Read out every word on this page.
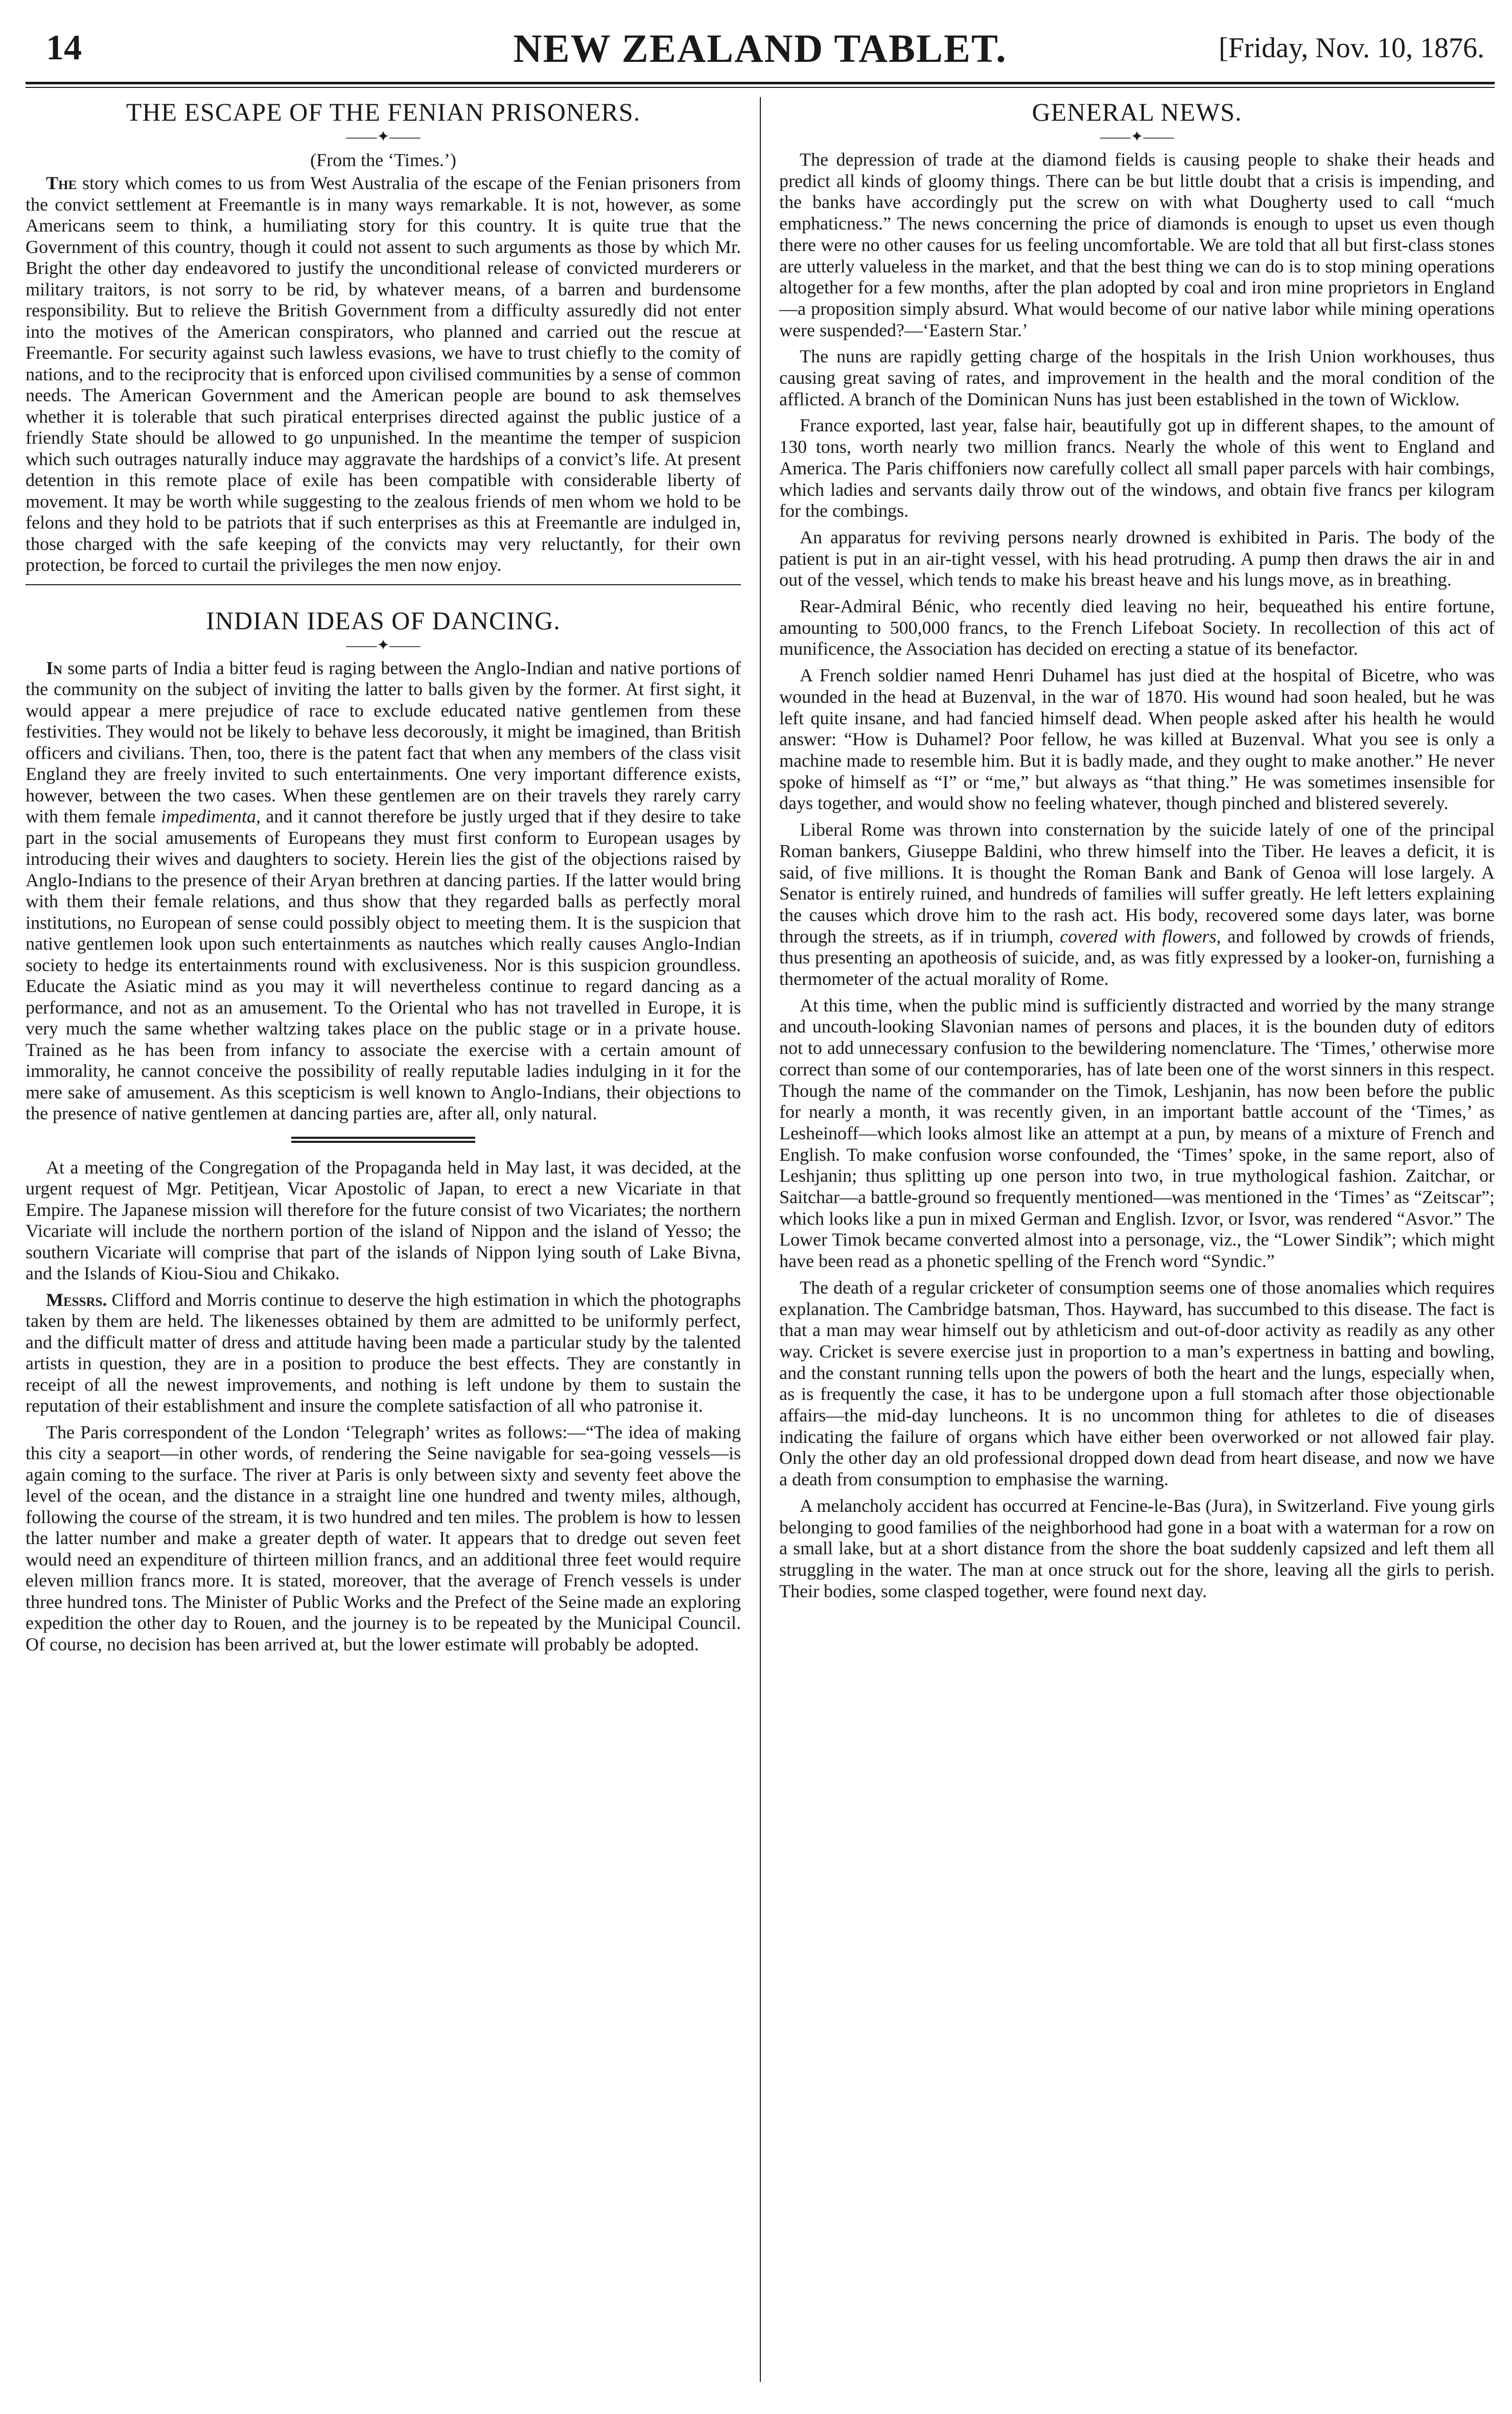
14	NEW ZEALAND TABLET.	[Friday, Nov. 10, 1876.
THE ESCAPE OF THE FENIAN PRISONERS.
——✦——
(From the ‘Times.’)

The story which comes to us from West Australia of the escape of the Fenian prisoners from the convict settlement at Freemantle is in many ways remarkable. It is not, however, as some Americans seem to think, a humiliating story for this country. It is quite true that the Government of this country, though it could not assent to such arguments as those by which Mr. Bright the other day endeavored to justify the unconditional release of convicted murderers or military traitors, is not sorry to be rid, by whatever means, of a barren and burdensome responsibility. But to relieve the British Government from a difficulty assuredly did not enter into the motives of the American conspirators, who planned and carried out the rescue at Freemantle. For security against such lawless evasions, we have to trust chiefly to the comity of nations, and to the reciprocity that is enforced upon civilised communities by a sense of common needs. The American Government and the American people are bound to ask themselves whether it is tolerable that such piratical enterprises directed against the public justice of a friendly State should be allowed to go unpunished. In the meantime the temper of suspicion which such outrages naturally induce may aggravate the hardships of a convict’s life. At present detention in this remote place of exile has been compatible with considerable liberty of movement. It may be worth while suggesting to the zealous friends of men whom we hold to be felons and they hold to be patriots that if such enterprises as this at Freemantle are indulged in, those charged with the safe keeping of the convicts may very reluctantly, for their own protection, be forced to curtail the privileges the men now enjoy.

INDIAN IDEAS OF DANCING.
——✦——

In some parts of India a bitter feud is raging between the Anglo-Indian and native portions of the community on the subject of inviting the latter to balls given by the former. At first sight, it would appear a mere prejudice of race to exclude educated native gentlemen from these festivities. They would not be likely to behave less decorously, it might be imagined, than British officers and civilians. Then, too, there is the patent fact that when any members of the class visit England they are freely invited to such entertainments. One very important difference exists, however, between the two cases. When these gentlemen are on their travels they rarely carry with them female impedimenta, and it cannot therefore be justly urged that if they desire to take part in the social amusements of Europeans they must first conform to European usages by introducing their wives and daughters to society. Herein lies the gist of the objections raised by Anglo-Indians to the presence of their Aryan brethren at dancing parties. If the latter would bring with them their female relations, and thus show that they regarded balls as perfectly moral institutions, no European of sense could possibly object to meeting them. It is the suspicion that native gentlemen look upon such entertainments as nautches which really causes Anglo-Indian society to hedge its entertainments round with exclusiveness. Nor is this suspicion groundless. Educate the Asiatic mind as you may it will nevertheless continue to regard dancing as a performance, and not as an amusement. To the Oriental who has not travelled in Europe, it is very much the same whether waltzing takes place on the public stage or in a private house. Trained as he has been from infancy to associate the exercise with a certain amount of immorality, he cannot conceive the possibility of really reputable ladies indulging in it for the mere sake of amusement. As this scepticism is well known to Anglo-Indians, their objections to the presence of native gentlemen at dancing parties are, after all, only natural.

At a meeting of the Congregation of the Propaganda held in May last, it was decided, at the urgent request of Mgr. Petitjean, Vicar Apostolic of Japan, to erect a new Vicariate in that Empire. The Japanese mission will therefore for the future consist of two Vicariates; the northern Vicariate will include the northern portion of the island of Nippon and the island of Yesso; the southern Vicariate will comprise that part of the islands of Nippon lying south of Lake Bivna, and the Islands of Kiou-Siou and Chikako.

Messrs. Clifford and Morris continue to deserve the high estimation in which the photographs taken by them are held. The likenesses obtained by them are admitted to be uniformly perfect, and the difficult matter of dress and attitude having been made a particular study by the talented artists in question, they are in a position to produce the best effects. They are constantly in receipt of all the newest improvements, and nothing is left undone by them to sustain the reputation of their establishment and insure the complete satisfaction of all who patronise it.

The Paris correspondent of the London ‘Telegraph’ writes as follows:—“The idea of making this city a seaport—in other words, of rendering the Seine navigable for sea-going vessels—is again coming to the surface. The river at Paris is only between sixty and seventy feet above the level of the ocean, and the distance in a straight line one hundred and twenty miles, although, following the course of the stream, it is two hundred and ten miles. The problem is how to lessen the latter number and make a greater depth of water. It appears that to dredge out seven feet would need an expenditure of thirteen million francs, and an additional three feet would require eleven million francs more. It is stated, moreover, that the average of French vessels is under three hundred tons. The Minister of Public Works and the Prefect of the Seine made an exploring expedition the other day to Rouen, and the journey is to be repeated by the Municipal Council. Of course, no decision has been arrived at, but the lower estimate will probably be adopted.

GENERAL NEWS.
——✦——

The depression of trade at the diamond fields is causing people to shake their heads and predict all kinds of gloomy things. There can be but little doubt that a crisis is impending, and the banks have accordingly put the screw on with what Dougherty used to call “much emphaticness.” The news concerning the price of diamonds is enough to upset us even though there were no other causes for us feeling uncomfortable. We are told that all but first-class stones are utterly valueless in the market, and that the best thing we can do is to stop mining operations altogether for a few months, after the plan adopted by coal and iron mine proprietors in England—a proposition simply absurd. What would become of our native labor while mining operations were suspended?—‘Eastern Star.’

The nuns are rapidly getting charge of the hospitals in the Irish Union workhouses, thus causing great saving of rates, and improvement in the health and the moral condition of the afflicted. A branch of the Dominican Nuns has just been established in the town of Wicklow.

France exported, last year, false hair, beautifully got up in different shapes, to the amount of 130 tons, worth nearly two million francs. Nearly the whole of this went to England and America. The Paris chiffoniers now carefully collect all small paper parcels with hair combings, which ladies and servants daily throw out of the windows, and obtain five francs per kilogram for the combings.

An apparatus for reviving persons nearly drowned is exhibited in Paris. The body of the patient is put in an air-tight vessel, with his head protruding. A pump then draws the air in and out of the vessel, which tends to make his breast heave and his lungs move, as in breathing.

Rear-Admiral Bénic, who recently died leaving no heir, bequeathed his entire fortune, amounting to 500,000 francs, to the French Lifeboat Society. In recollection of this act of munificence, the Association has decided on erecting a statue of its benefactor.

A French soldier named Henri Duhamel has just died at the hospital of Bicetre, who was wounded in the head at Buzenval, in the war of 1870. His wound had soon healed, but he was left quite insane, and had fancied himself dead. When people asked after his health he would answer: “How is Duhamel? Poor fellow, he was killed at Buzenval. What you see is only a machine made to resemble him. But it is badly made, and they ought to make another.” He never spoke of himself as “I” or “me,” but always as “that thing.” He was sometimes insensible for days together, and would show no feeling whatever, though pinched and blistered severely.

Liberal Rome was thrown into consternation by the suicide lately of one of the principal Roman bankers, Giuseppe Baldini, who threw himself into the Tiber. He leaves a deficit, it is said, of five millions. It is thought the Roman Bank and Bank of Genoa will lose largely. A Senator is entirely ruined, and hundreds of families will suffer greatly. He left letters explaining the causes which drove him to the rash act. His body, recovered some days later, was borne through the streets, as if in triumph, covered with flowers, and followed by crowds of friends, thus presenting an apotheosis of suicide, and, as was fitly expressed by a looker-on, furnishing a thermometer of the actual morality of Rome.

At this time, when the public mind is sufficiently distracted and worried by the many strange and uncouth-looking Slavonian names of persons and places, it is the bounden duty of editors not to add unnecessary confusion to the bewildering nomenclature. The ‘Times,’ otherwise more correct than some of our contemporaries, has of late been one of the worst sinners in this respect. Though the name of the commander on the Timok, Leshjanin, has now been before the public for nearly a month, it was recently given, in an important battle account of the ‘Times,’ as Lesheinoff—which looks almost like an attempt at a pun, by means of a mixture of French and English. To make confusion worse confounded, the ‘Times’ spoke, in the same report, also of Leshjanin; thus splitting up one person into two, in true mythological fashion. Zaitchar, or Saitchar—a battle-ground so frequently mentioned—was mentioned in the ‘Times’ as “Zeitscar”; which looks like a pun in mixed German and English. Izvor, or Isvor, was rendered “Asvor.” The Lower Timok became converted almost into a personage, viz., the “Lower Sindik”; which might have been read as a phonetic spelling of the French word “Syndic.”

The death of a regular cricketer of consumption seems one of those anomalies which requires explanation. The Cambridge batsman, Thos. Hayward, has succumbed to this disease. The fact is that a man may wear himself out by athleticism and out-of-door activity as readily as any other way. Cricket is severe exercise just in proportion to a man’s expertness in batting and bowling, and the constant running tells upon the powers of both the heart and the lungs, especially when, as is frequently the case, it has to be undergone upon a full stomach after those objectionable affairs—the mid-day luncheons. It is no uncommon thing for athletes to die of diseases indicating the failure of organs which have either been overworked or not allowed fair play. Only the other day an old professional dropped down dead from heart disease, and now we have a death from consumption to emphasise the warning.

A melancholy accident has occurred at Fencine-le-Bas (Jura), in Switzerland. Five young girls belonging to good families of the neighborhood had gone in a boat with a waterman for a row on a small lake, but at a short distance from the shore the boat suddenly capsized and left them all struggling in the water. The man at once struck out for the shore, leaving all the girls to perish. Their bodies, some clasped together, were found next day.
